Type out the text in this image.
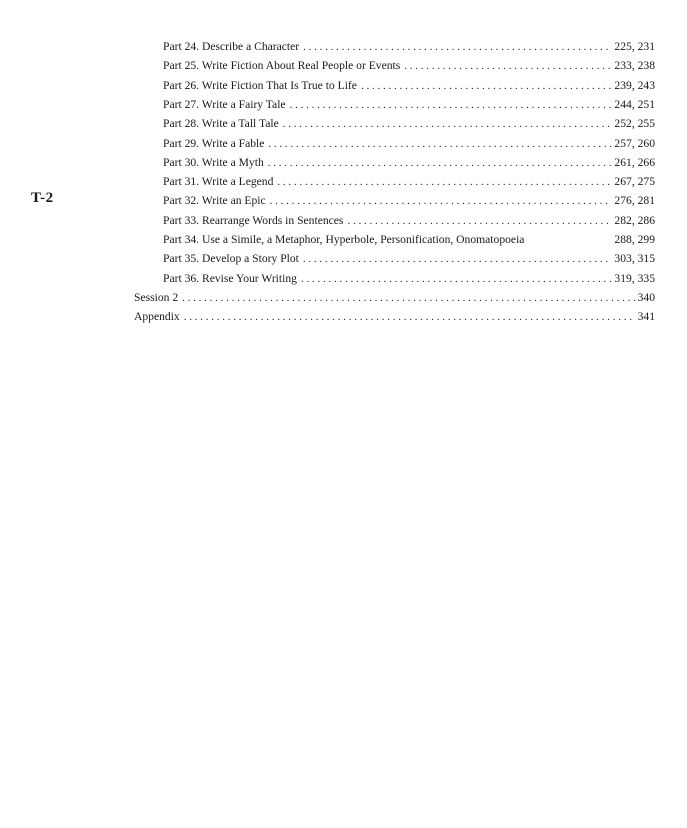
T-2
Part 24. Describe a Character . . .	225, 231
Part 25. Write Fiction About Real People or Events . . .	233, 238
Part 26. Write Fiction That Is True to Life . . .	239, 243
Part 27. Write a Fairy Tale . . .	244, 251
Part 28. Write a Tall Tale . . .	252, 255
Part 29. Write a Fable . . .	257, 260
Part 30. Write a Myth . . .	261, 266
Part 31. Write a Legend . . .	267, 275
Part 32. Write an Epic . . .	276, 281
Part 33. Rearrange Words in Sentences . . .	282, 286
Part 34. Use a Simile, a Metaphor, Hyperbole, Personification, Onomatopoeia	288, 299
Part 35. Develop a Story Plot . . .	303, 315
Part 36. Revise Your Writing . . .	319, 335
Session 2 . . .	340
Appendix . . .	341
